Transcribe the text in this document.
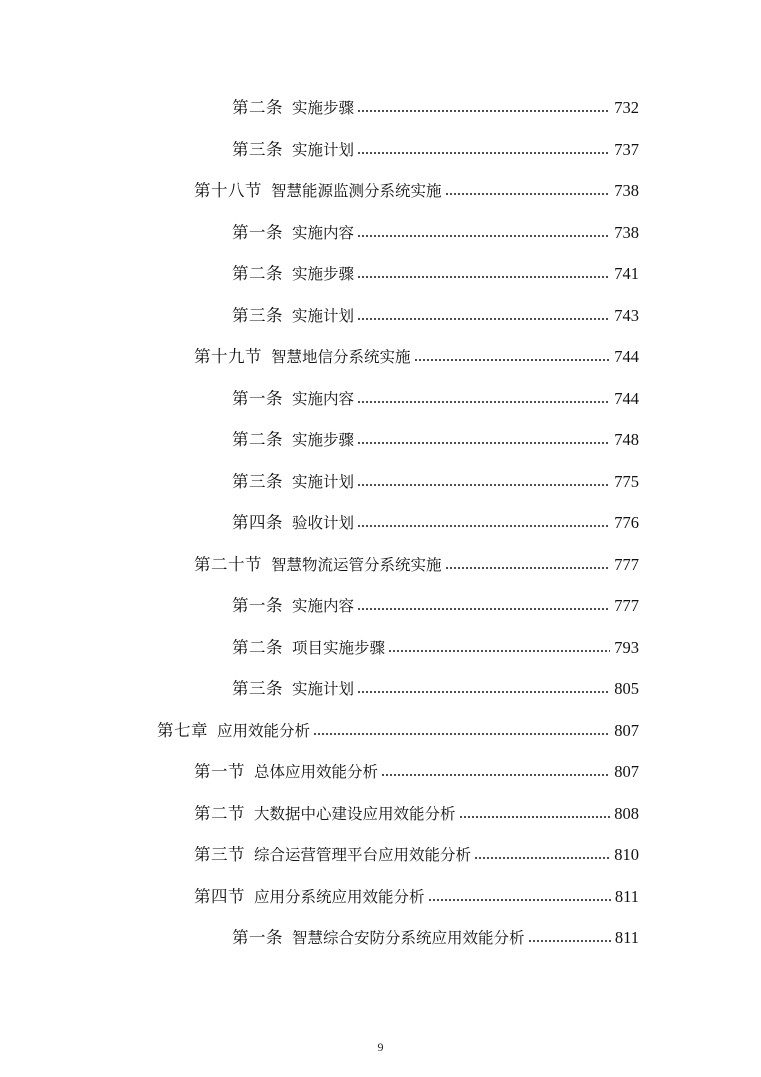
第二条 实施步骤	732
第三条 实施计划	737
第十八节 智慧能源监测分系统实施	738
第一条 实施内容	738
第二条 实施步骤	741
第三条 实施计划	743
第十九节 智慧地信分系统实施	744
第一条 实施内容	744
第二条 实施步骤	748
第三条 实施计划	775
第四条 验收计划	776
第二十节 智慧物流运管分系统实施	777
第一条 实施内容	777
第二条 项目实施步骤	793
第三条 实施计划	805
第七章 应用效能分析	807
第一节 总体应用效能分析	807
第二节 大数据中心建设应用效能分析	808
第三节 综合运营管理平台应用效能分析	810
第四节 应用分系统应用效能分析	811
第一条 智慧综合安防分系统应用效能分析	811
9
